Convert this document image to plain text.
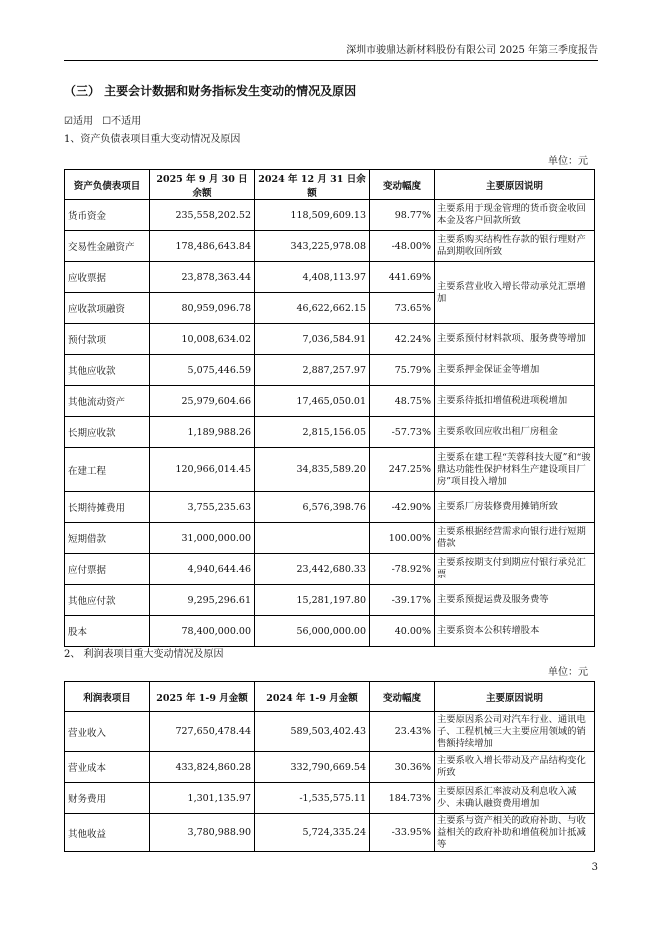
深圳市骏鼎达新材料股份有限公司 2025 年第三季度报告
（三） 主要会计数据和财务指标发生变动的情况及原因
☑适用 ☐不适用
1、资产负债表项目重大变动情况及原因
单位：元
资产负债表项目	2025 年 9 月 30 日余额	2024 年 12 月 31 日余额	变动幅度	主要原因说明
货币资金	235,558,202.52	118,509,609.13	98.77%	主要系用于现金管理的货币资金收回本金及客户回款所致
交易性金融资产	178,486,643.84	343,225,978.08	-48.00%	主要系购买结构性存款的银行理财产品到期收回所致
应收票据	23,878,363.44	4,408,113.97	441.69%	主要系营业收入增长带动承兑汇票增加
应收款项融资	80,959,096.78	46,622,662.15	73.65%	
预付款项	10,008,634.02	7,036,584.91	42.24%	主要系预付材料款项、服务费等增加
其他应收款	5,075,446.59	2,887,257.97	75.79%	主要系押金保证金等增加
其他流动资产	25,979,604.66	17,465,050.01	48.75%	主要系待抵扣增值税进项税增加
长期应收款	1,189,988.26	2,815,156.05	-57.73%	主要系收回应收出租厂房租金
在建工程	120,966,014.45	34,835,589.20	247.25%	主要系在建工程“芙蓉科技大厦”和“骏鼎达功能性保护材料生产建设项目厂房”项目投入增加
长期待摊费用	3,755,235.63	6,576,398.76	-42.90%	主要系厂房装修费用摊销所致
短期借款	31,000,000.00		100.00%	主要系根据经营需求向银行进行短期借款
应付票据	4,940,644.46	23,442,680.33	-78.92%	主要系按期支付到期应付银行承兑汇票
其他应付款	9,295,296.61	15,281,197.80	-39.17%	主要系预提运费及服务费等
股本	78,400,000.00	56,000,000.00	40.00%	主要系资本公积转增股本
2、 利润表项目重大变动情况及原因
单位：元
利润表项目	2025 年 1-9 月金额	2024 年 1-9 月金额	变动幅度	主要原因说明
营业收入	727,650,478.44	589,503,402.43	23.43%	主要原因系公司对汽车行业、通讯电子、工程机械三大主要应用领域的销售额持续增加
营业成本	433,824,860.28	332,790,669.54	30.36%	主要系收入增长带动及产品结构变化所致
财务费用	1,301,135.97	-1,535,575.11	184.73%	主要原因系汇率波动及利息收入减少、未确认融资费用增加
其他收益	3,780,988.90	5,724,335.24	-33.95%	主要系与资产相关的政府补助、与收益相关的政府补助和增值税加计抵减等
3
